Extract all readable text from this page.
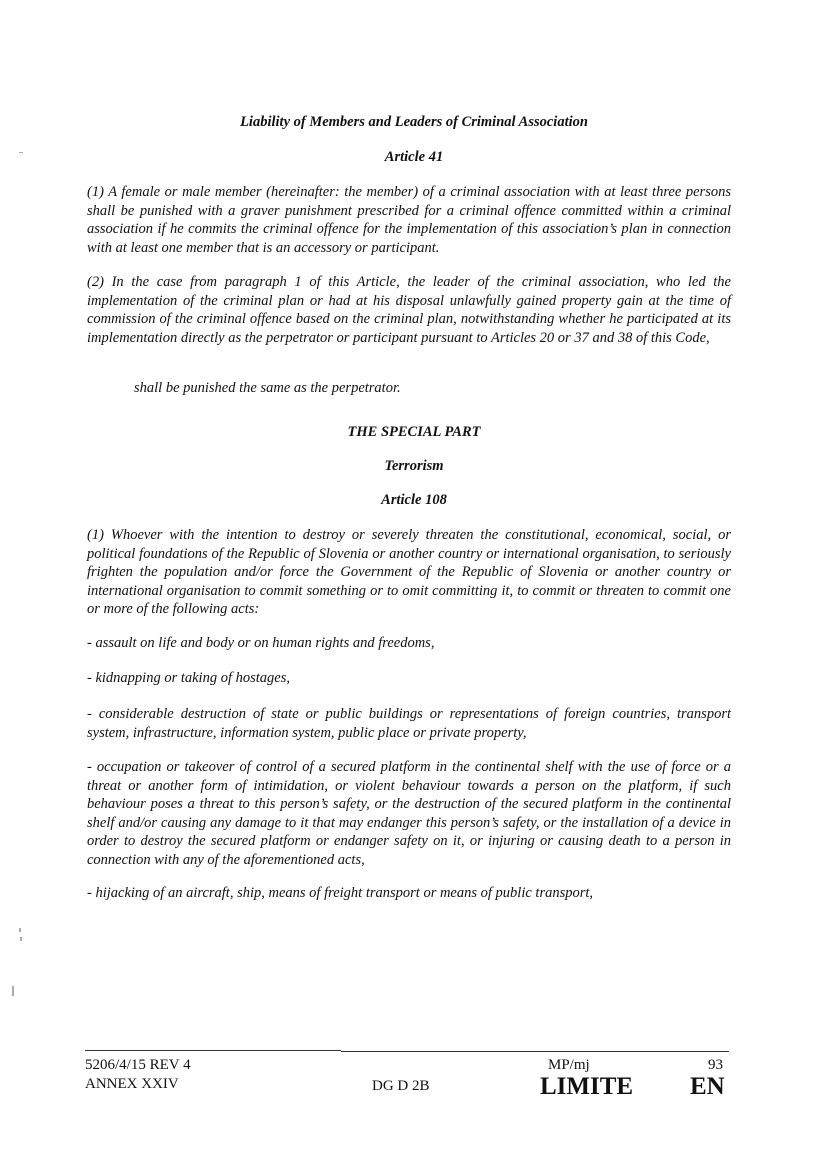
Liability of Members and Leaders of Criminal Association
Article 41
(1) A female or male member (hereinafter: the member) of a criminal association with at least three persons shall be punished with a graver punishment prescribed for a criminal offence committed within a criminal association if he commits the criminal offence for the implementation of this association’s plan in connection with at least one member that is an accessory or participant.
(2) In the case from paragraph 1 of this Article, the leader of the criminal association, who led the implementation of the criminal plan or had at his disposal unlawfully gained property gain at the time of commission of the criminal offence based on the criminal plan, notwithstanding whether he participated at its implementation directly as the perpetrator or participant pursuant to Articles 20 or 37 and 38 of this Code,
shall be punished the same as the perpetrator.
THE SPECIAL PART
Terrorism
Article 108
(1) Whoever with the intention to destroy or severely threaten the constitutional, economical, social, or political foundations of the Republic of Slovenia or another country or international organisation, to seriously frighten the population and/or force the Government of the Republic of Slovenia or another country or international organisation to commit something or to omit committing it, to commit or threaten to commit one or more of the following acts:
- assault on life and body or on human rights and freedoms,
- kidnapping or taking of hostages,
- considerable destruction of state or public buildings or representations of foreign countries, transport system, infrastructure, information system, public place or private property,
- occupation or takeover of control of a secured platform in the continental shelf with the use of force or a threat or another form of intimidation, or violent behaviour towards a person on the platform, if such behaviour poses a threat to this person’s safety, or the destruction of the secured platform in the continental shelf and/or causing any damage to it that may endanger this person’s safety, or the installation of a device in order to destroy the secured platform or endanger safety on it, or injuring or causing death to a person in connection with any of the aforementioned acts,
- hijacking of an aircraft, ship, means of freight transport or means of public transport,
5206/4/15 REV 4
ANNEX XXIV	DG D 2B
MP/mj	93
LIMITE EN
